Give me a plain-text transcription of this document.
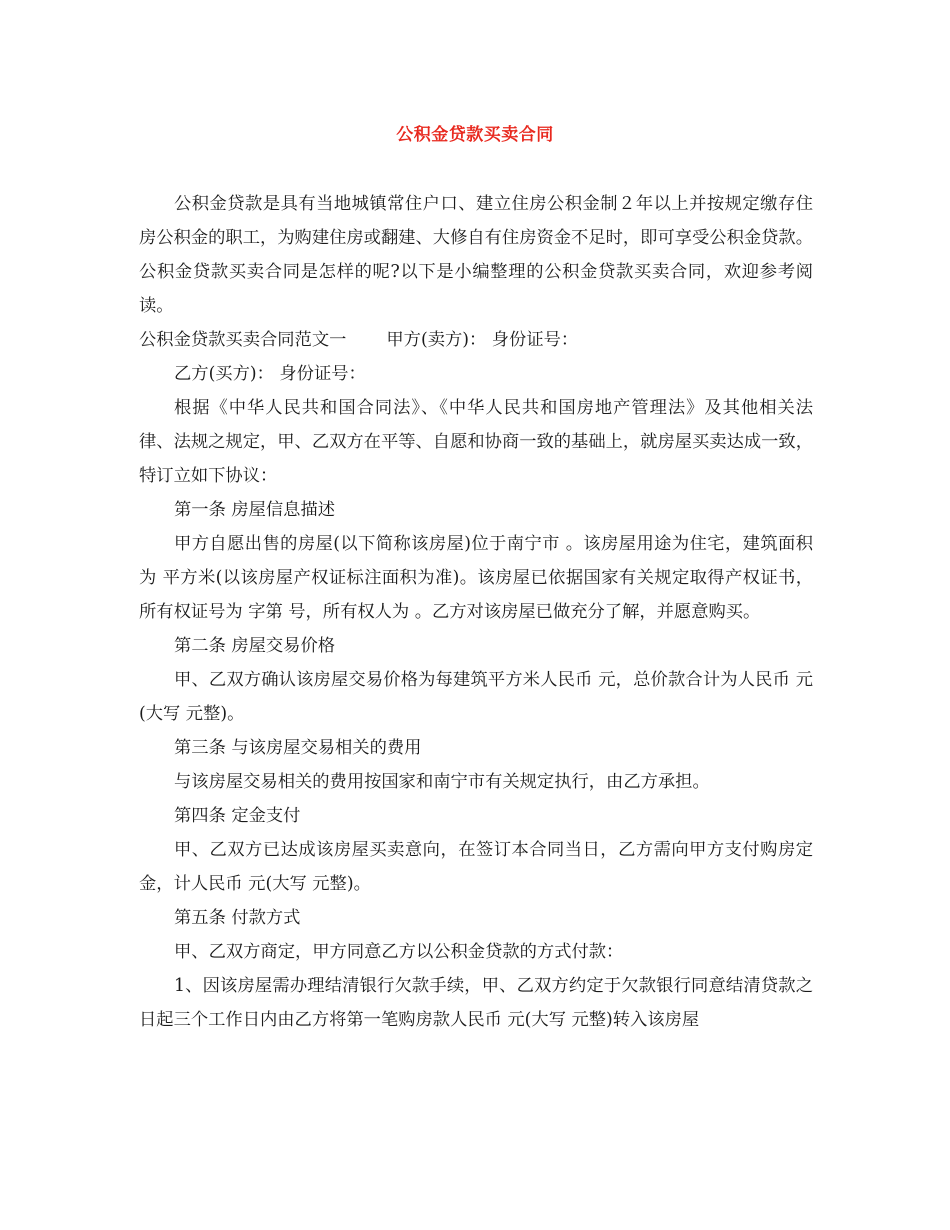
公积金贷款买卖合同

公积金贷款是具有当地城镇常住户口、建立住房公积金制２年以上并按规定缴存住房公积金的职工，为购建住房或翻建、大修自有住房资金不足时，即可享受公积金贷款。公积金贷款买卖合同是怎样的呢?以下是小编整理的公积金贷款买卖合同，欢迎参考阅读。

公积金贷款买卖合同范文一 甲方(卖方)： 身份证号：

乙方(买方)： 身份证号：

根据《中华人民共和国合同法》、《中华人民共和国房地产管理法》及其他相关法律、法规之规定，甲、乙双方在平等、自愿和协商一致的基础上，就房屋买卖达成一致，特订立如下协议：

第一条 房屋信息描述

甲方自愿出售的房屋(以下简称该房屋)位于南宁市 。该房屋用途为住宅，建筑面积为 平方米(以该房屋产权证标注面积为准)。该房屋已依据国家有关规定取得产权证书，所有权证号为 字第 号，所有权人为 。乙方对该房屋已做充分了解，并愿意购买。

第二条 房屋交易价格

甲、乙双方确认该房屋交易价格为每建筑平方米人民币 元，总价款合计为人民币 元(大写 元整)。

第三条 与该房屋交易相关的费用

与该房屋交易相关的费用按国家和南宁市有关规定执行，由乙方承担。

第四条 定金支付

甲、乙双方已达成该房屋买卖意向，在签订本合同当日，乙方需向甲方支付购房定金，计人民币 元(大写 元整)。

第五条 付款方式

甲、乙双方商定，甲方同意乙方以公积金贷款的方式付款：

1、因该房屋需办理结清银行欠款手续，甲、乙双方约定于欠款银行同意结清贷款之日起三个工作日内由乙方将第一笔购房款人民币 元(大写 元整)转入该房屋
